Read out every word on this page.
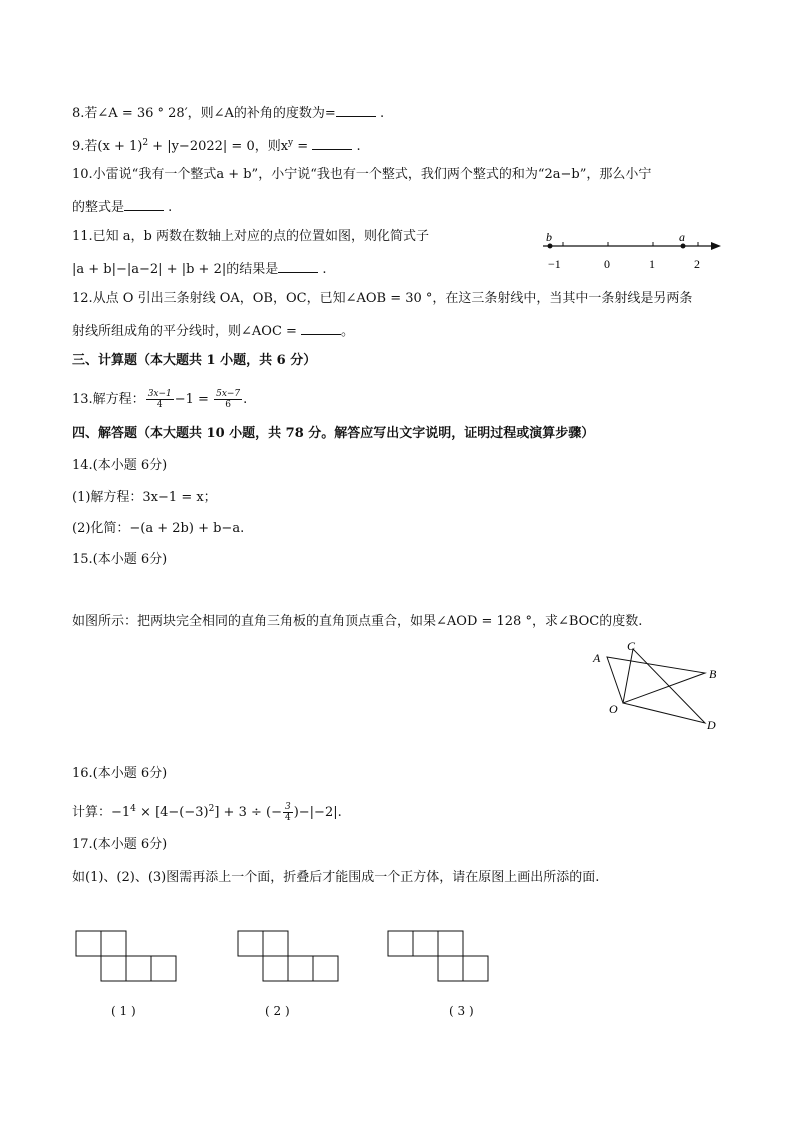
8.若∠A = 36 ° 28′，则∠A的补角的度数为=	.
9.若$(x + 1)^2 + |y-2022| = 0$，则$x^y$ =	.
10.小雷说“我有一个整式a + b”，小宁说“我也有一个整式，我们两个整式的和为“2a−b”，那么小宁
的整式是	.
11.已知 a，b 两数在数轴上对应的点的位置如图，则化简式子
|a + b|−|a−2| + |b + 2|的结果是	.
b	a
−1	0	1	2
12.从点 O 引出三条射线 OA，OB，OC，已知∠AOB = 30 °，在这三条射线中，当其中一条射线是另两条
射线所组成角的平分线时，则∠AOC =	。
三、计算题（本大题共 1 小题，共 6 分）
13.解方程： $\frac{3x-1}{4} -1 = \frac{5x-7}{6}$ .
四、解答题（本大题共 10 小题，共 78 分。解答应写出文字说明，证明过程或演算步骤）
14.(本小题 6分)
(1)解方程：3x−1 = x；
(2)化简：−(a + 2b) + b−a.
15.(本小题 6分)
如图所示：把两块完全相同的直角三角板的直角顶点重合，如果∠AOD = 128 °，求∠BOC的度数.
A
C
B
O
D
16.(本小题 6分)
计算：$-1^4 \times [4-(-3)^2] + 3$ ÷ (− $\frac{3}{4} )-|-2|$.
17.(本小题 6分)
如(1)、(2)、(3)图需再添上一个面，折叠后才能围成一个正方体，请在原图上画出所添的面.
( 1 )	( 2 )	( 3 )
